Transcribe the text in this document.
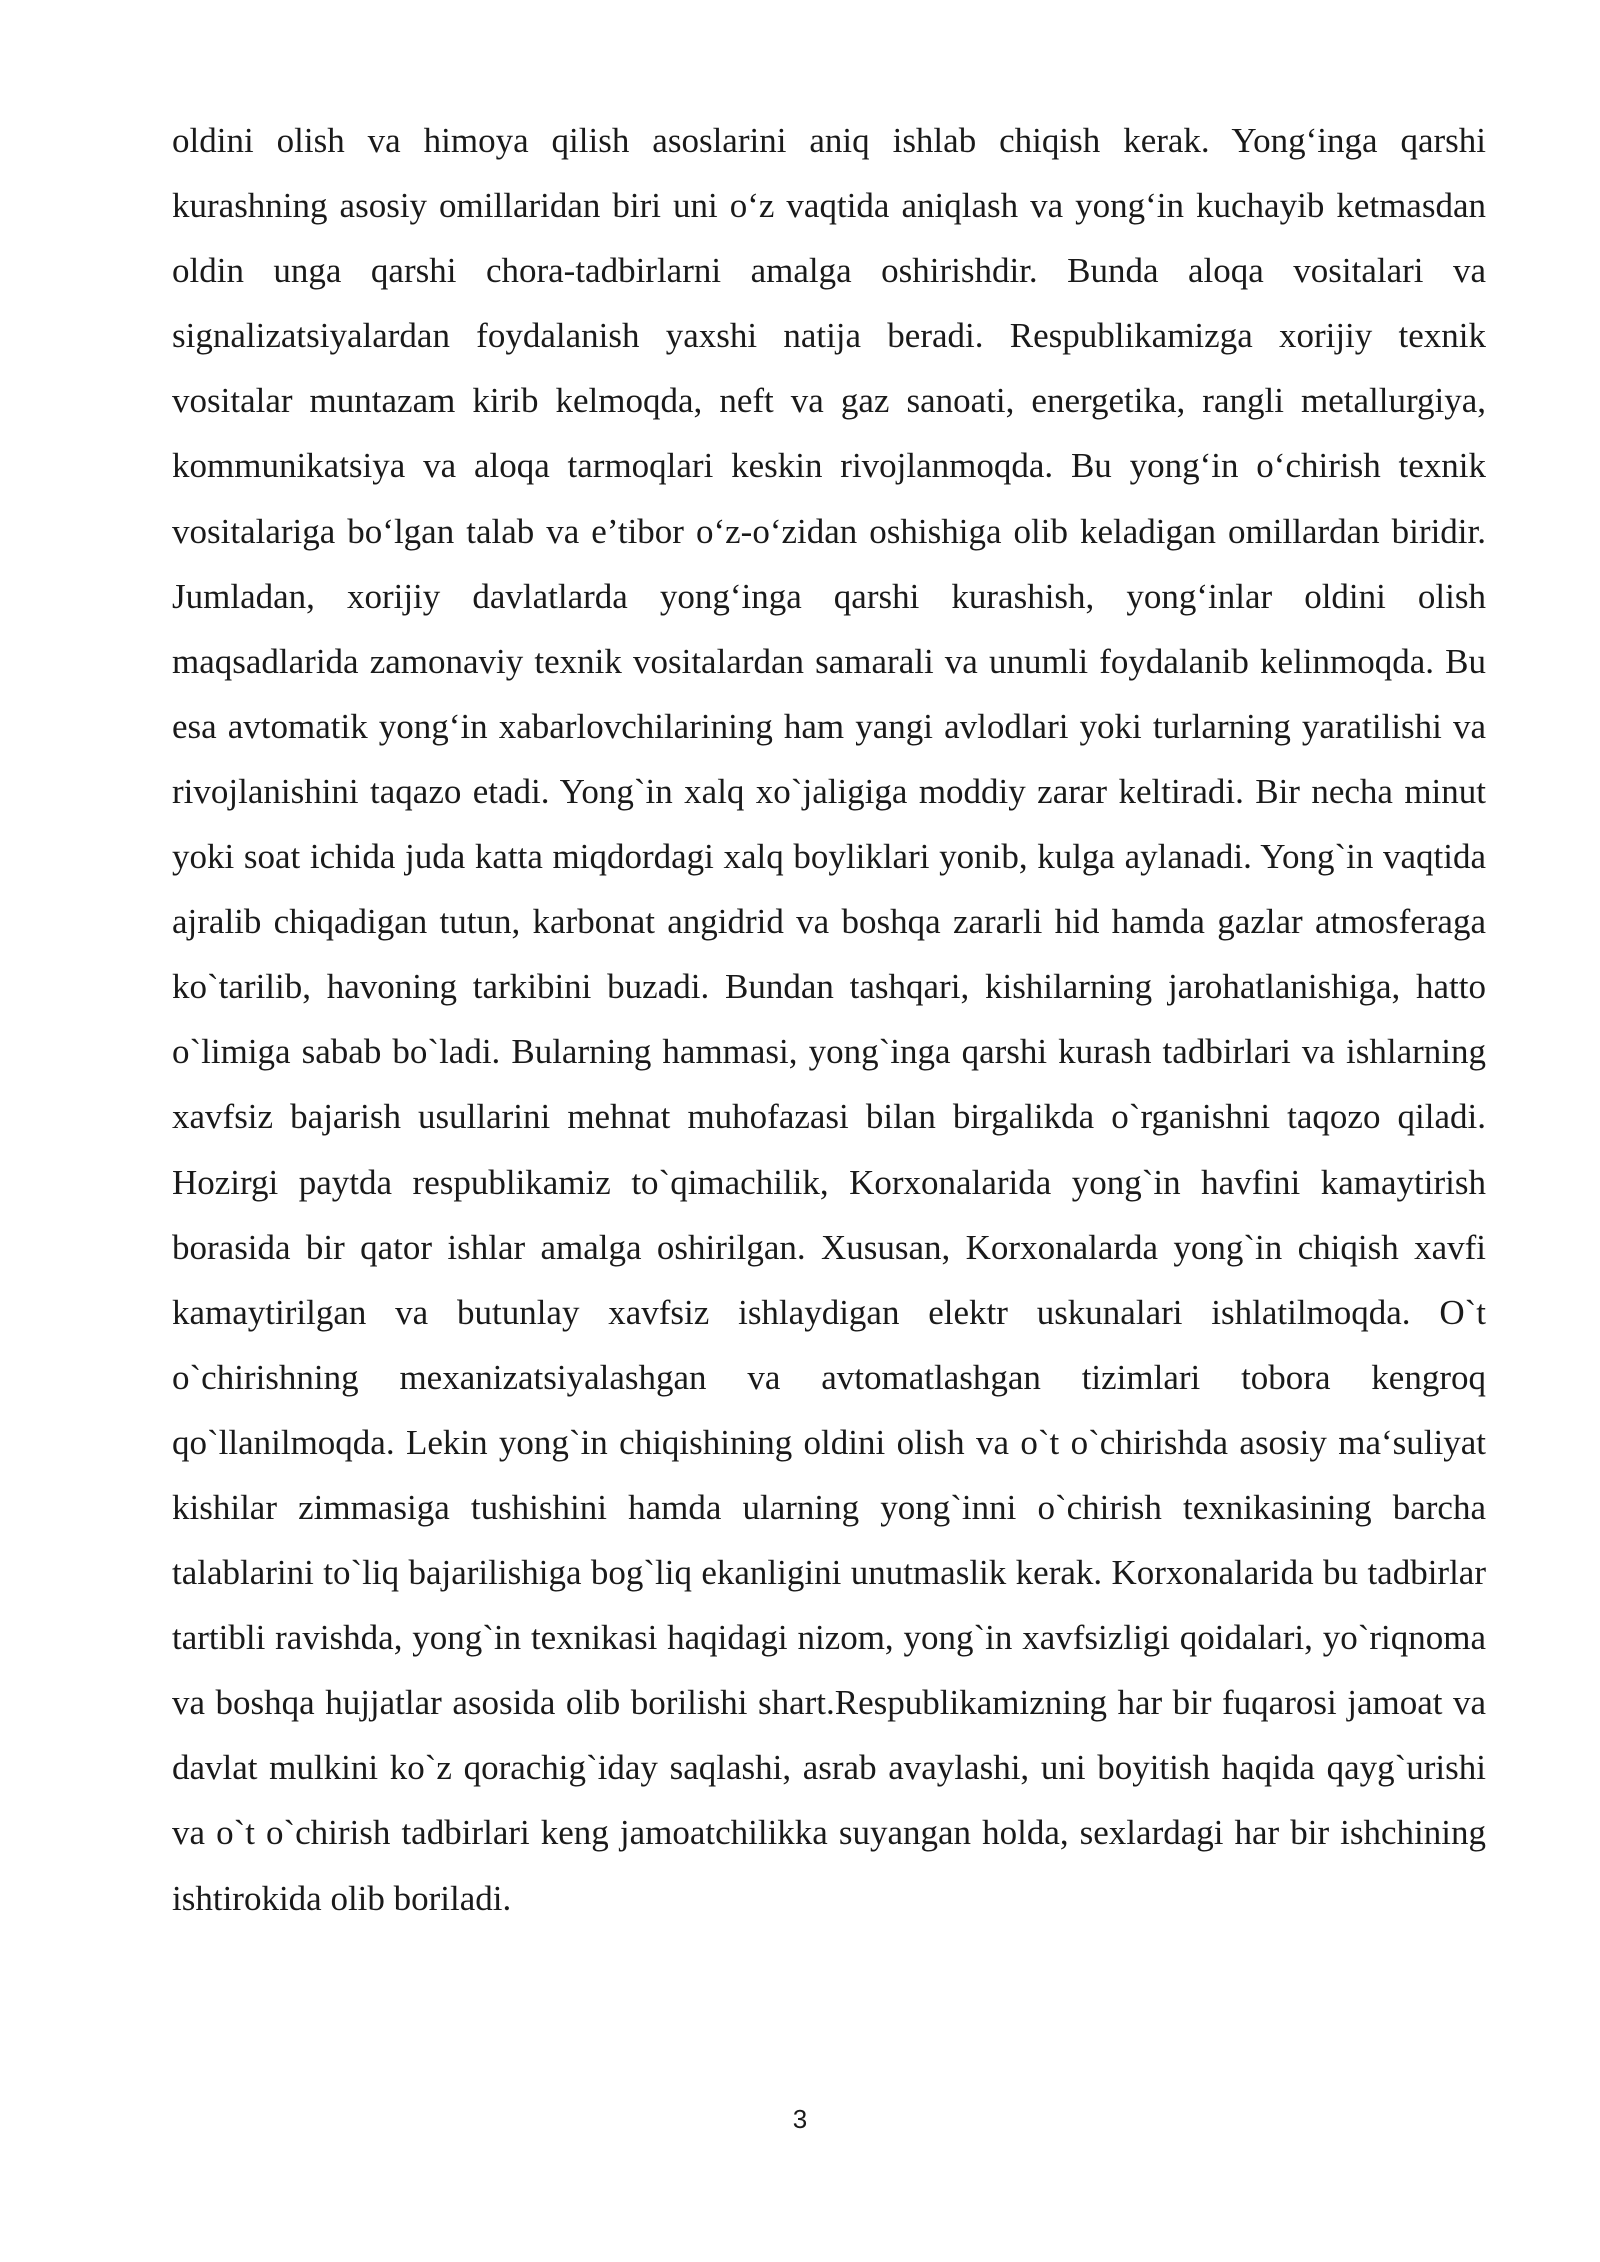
oldini olish va himoya qilish asoslarini aniq ishlab chiqish kerak. Yong‘inga qarshi kurashning asosiy omillaridan biri uni o‘z vaqtida aniqlash va yong‘in kuchayib ketmasdan oldin unga qarshi chora-tadbirlarni amalga oshirishdir. Bunda aloqa vositalari va signalizatsiyalardan foydalanish yaxshi natija beradi. Respublikamizga xorijiy texnik vositalar muntazam kirib kelmoqda, neft va gaz sanoati, energetika, rangli metallurgiya, kommunikatsiya va aloqa tarmoqlari keskin rivojlanmoqda. Bu yong‘in o‘chirish texnik vositalariga bo‘lgan talab va e’tibor o‘z-o‘zidan oshishiga olib keladigan omillardan biridir. Jumladan, xorijiy davlatlarda yong‘inga qarshi kurashish, yong‘inlar oldini olish maqsadlarida zamonaviy texnik vositalardan samarali va unumli foydalanib kelinmoqda. Bu esa avtomatik yong‘in xabarlovchilarining ham yangi avlodlari yoki turlarning yaratilishi va rivojlanishini taqazo etadi. Yong`in xalq xo`jaligiga moddiy zarar keltiradi. Bir necha minut yoki soat ichida juda katta miqdordagi xalq boyliklari yonib, kulga aylanadi. Yong`in vaqtida ajralib chiqadigan tutun, karbonat angidrid va boshqa zararli hid hamda gazlar atmosferaga ko`tarilib, havoning tarkibini buzadi. Bundan tashqari, kishilarning jarohatlanishiga, hatto o`limiga sabab bo`ladi. Bularning hammasi, yong`inga qarshi kurash tadbirlari va ishlarning xavfsiz bajarish usullarini mehnat muhofazasi bilan birgalikda o`rganishni taqozo qiladi. Hozirgi paytda respublikamiz to`qimachilik, Korxonalarida yong`in havfini kamaytirish borasida bir qator ishlar amalga oshirilgan. Xususan, Korxonalarda yong`in chiqish xavfi kamaytirilgan va butunlay xavfsiz ishlaydigan elektr uskunalari ishlatilmoqda. O`t o`chirishning mexanizatsiyalashgan va avtomatlashgan tizimlari tobora kengroq qo`llanilmoqda. Lekin yong`in chiqishining oldini olish va o`t o`chirishda asosiy ma‘suliyat kishilar zimmasiga tushishini hamda ularning yong`inni o`chirish texnikasining barcha talablarini to`liq bajarilishiga bog`liq ekanligini unutmaslik kerak. Korxonalarida bu tadbirlar tartibli ravishda, yong`in texnikasi haqidagi nizom, yong`in xavfsizligi qoidalari, yo`riqnoma va boshqa hujjatlar asosida olib borilishi shart.Respublikamizning har bir fuqarosi jamoat va davlat mulkini ko`z qorachig`iday saqlashi, asrab avaylashi, uni boyitish haqida qayg`urishi va o`t o`chirish tadbirlari keng jamoatchilikka suyangan holda, sexlardagi har bir ishchining ishtirokida olib boriladi.

3
